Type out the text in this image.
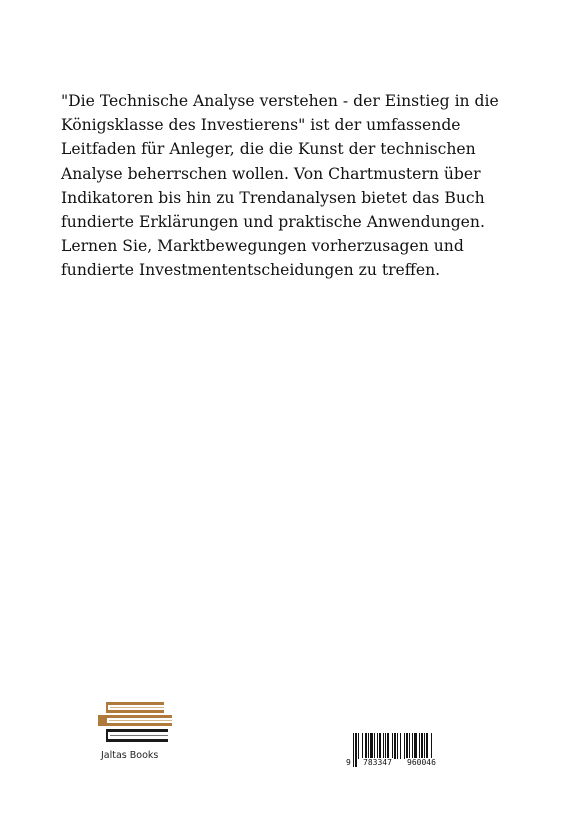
"Die Technische Analyse verstehen - der Einstieg in die
Königsklasse des Investierens" ist der umfassende
Leitfaden für Anleger, die die Kunst der technischen
Analyse beherrschen wollen. Von Chartmustern über
Indikatoren bis hin zu Trendanalysen bietet das Buch
fundierte Erklärungen und praktische Anwendungen.
Lernen Sie, Marktbewegungen vorherzusagen und
fundierte Investmententscheidungen zu treffen.
Jaltas Books
9 783347 960046
